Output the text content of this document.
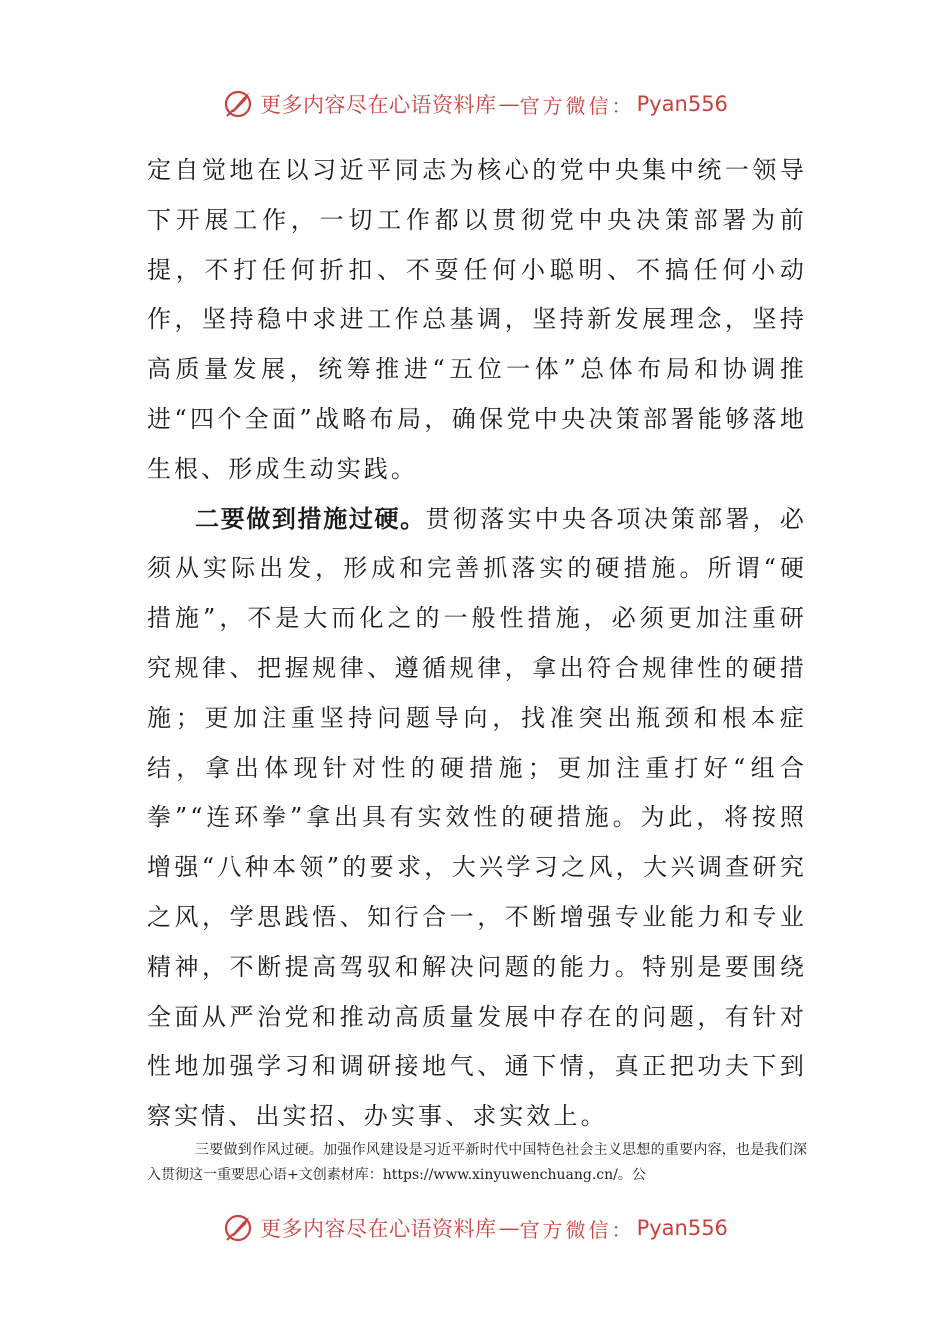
更多内容尽在心语资料库 — 官方微信： Pyan556

定自觉地在以习近平同志为核心的党中央集中统一领导下开展工作，一切工作都以贯彻党中央决策部署为前提，不打任何折扣、不耍任何小聪明、不搞任何小动作，坚持稳中求进工作总基调，坚持新发展理念，坚持高质量发展，统筹推进“五位一体”总体布局和协调推进“四个全面”战略布局，确保党中央决策部署能够落地生根、形成生动实践。

二要做到措施过硬。贯彻落实中央各项决策部署，必须从实际出发，形成和完善抓落实的硬措施。所谓“硬措施”，不是大而化之的一般性措施，必须更加注重研究规律、把握规律、遵循规律，拿出符合规律性的硬措施；更加注重坚持问题导向，找准突出瓶颈和根本症结，拿出体现针对性的硬措施；更加注重打好“组合拳”“连环拳”拿出具有实效性的硬措施。为此，将按照增强“八种本领”的要求，大兴学习之风，大兴调查研究之风，学思践悟、知行合一，不断增强专业能力和专业精神，不断提高驾驭和解决问题的能力。特别是要围绕全面从严治党和推动高质量发展中存在的问题，有针对性地加强学习和调研接地气、通下情，真正把功夫下到察实情、出实招、办实事、求实效上。

三要做到作风过硬。加强作风建设是习近平新时代中国特色社会主义思想的重要内容，也是我们深入贯彻这一重要思心语+文创素材库：https://www.xinyuwenchuang.cn/。公

更多内容尽在心语资料库 — 官方微信： Pyan556
